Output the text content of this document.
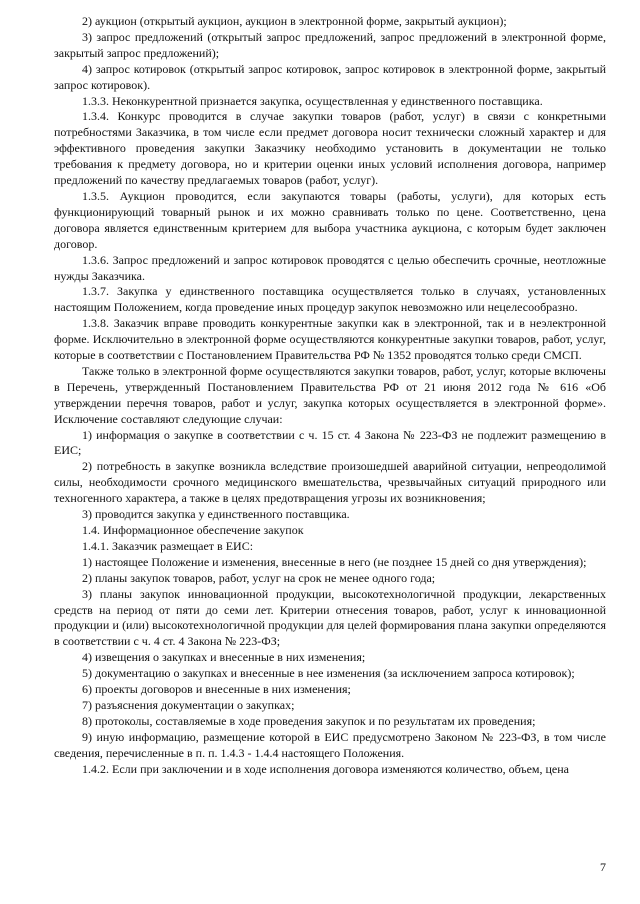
2) аукцион (открытый аукцион, аукцион в электронной форме, закрытый аукцион);

3) запрос предложений (открытый запрос предложений, запрос предложений в электронной форме, закрытый запрос предложений);

4) запрос котировок (открытый запрос котировок, запрос котировок в электронной форме, закрытый запрос котировок).

1.3.3. Неконкурентной признается закупка, осуществленная у единственного поставщика.

1.3.4. Конкурс проводится в случае закупки товаров (работ, услуг) в связи с конкретными потребностями Заказчика, в том числе если предмет договора носит технически сложный характер и для эффективного проведения закупки Заказчику необходимо установить в документации не только требования к предмету договора, но и критерии оценки иных условий исполнения договора, например предложений по качеству предлагаемых товаров (работ, услуг).

1.3.5. Аукцион проводится, если закупаются товары (работы, услуги), для которых есть функционирующий товарный рынок и их можно сравнивать только по цене. Соответственно, цена договора является единственным критерием для выбора участника аукциона, с которым будет заключен договор.

1.3.6. Запрос предложений и запрос котировок проводятся с целью обеспечить срочные, неотложные нужды Заказчика.

1.3.7. Закупка у единственного поставщика осуществляется только в случаях, установленных настоящим Положением, когда проведение иных процедур закупок невозможно или нецелесообразно.

1.3.8. Заказчик вправе проводить конкурентные закупки как в электронной, так и в неэлектронной форме. Исключительно в электронной форме осуществляются конкурентные закупки товаров, работ, услуг, которые в соответствии с Постановлением Правительства РФ № 1352 проводятся только среди СМСП.

Также только в электронной форме осуществляются закупки товаров, работ, услуг, которые включены в Перечень, утвержденный Постановлением Правительства РФ от 21 июня 2012 года № 616 «Об утверждении перечня товаров, работ и услуг, закупка которых осуществляется в электронной форме». Исключение составляют следующие случаи:

1) информация о закупке в соответствии с ч. 15 ст. 4 Закона № 223-ФЗ не подлежит размещению в ЕИС;

2) потребность в закупке возникла вследствие произошедшей аварийной ситуации, непреодолимой силы, необходимости срочного медицинского вмешательства, чрезвычайных ситуаций природного или техногенного характера, а также в целях предотвращения угрозы их возникновения;

3) проводится закупка у единственного поставщика.

1.4. Информационное обеспечение закупок

1.4.1. Заказчик размещает в ЕИС:

1) настоящее Положение и изменения, внесенные в него (не позднее 15 дней со дня утверждения);

2) планы закупок товаров, работ, услуг на срок не менее одного года;

3) планы закупок инновационной продукции, высокотехнологичной продукции, лекарственных средств на период от пяти до семи лет. Критерии отнесения товаров, работ, услуг к инновационной продукции и (или) высокотехнологичной продукции для целей формирования плана закупки определяются в соответствии с ч. 4 ст. 4 Закона № 223-ФЗ;

4) извещения о закупках и внесенные в них изменения;

5) документацию о закупках и внесенные в нее изменения (за исключением запроса котировок);

6) проекты договоров и внесенные в них изменения;

7) разъяснения документации о закупках;

8) протоколы, составляемые в ходе проведения закупок и по результатам их проведения;

9) иную информацию, размещение которой в ЕИС предусмотрено Законом № 223-ФЗ, в том числе сведения, перечисленные в п. п. 1.4.3 - 1.4.4 настоящего Положения.

1.4.2. Если при заключении и в ходе исполнения договора изменяются количество, объем, цена

7
